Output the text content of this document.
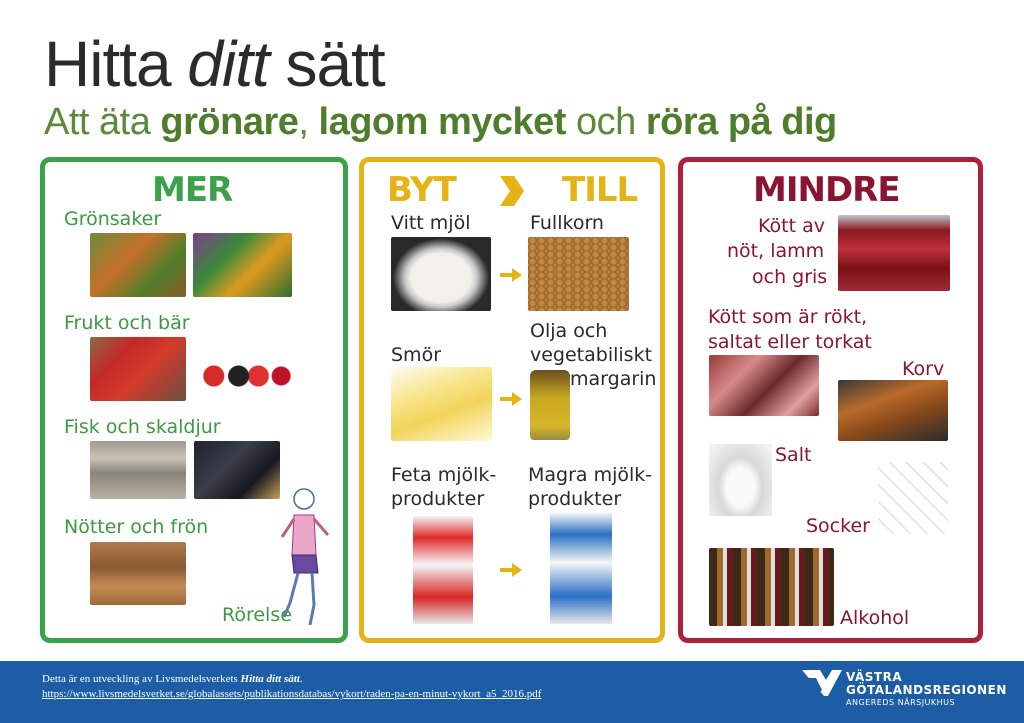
Hitta ditt sätt
Att äta grönare, lagom mycket och röra på dig
MER
Grönsaker
Frukt och bär
Fisk och skaldjur
Nötter och frön
Rörelse
BYT	TILL
Vitt mjöl	Fullkorn
Smör
Olja och
vegetabiliskt
margarin
Feta mjölk-
produkter
Magra mjölk-
produkter
MINDRE
Kött av
nöt, lamm
och gris
Kött som är rökt,
saltat eller torkat
Korv
Salt
Socker
Alkohol
Detta är en utveckling av Livsmedelsverkets Hitta ditt sätt.
https://www.livsmedelsverket.se/globalassets/publikationsdatabas/vykort/raden-pa-en-minut-vykort_a5_2016.pdf
VÄSTRA
GÖTALANDSREGIONEN
ANGEREDS NÄRSJUKHUS
